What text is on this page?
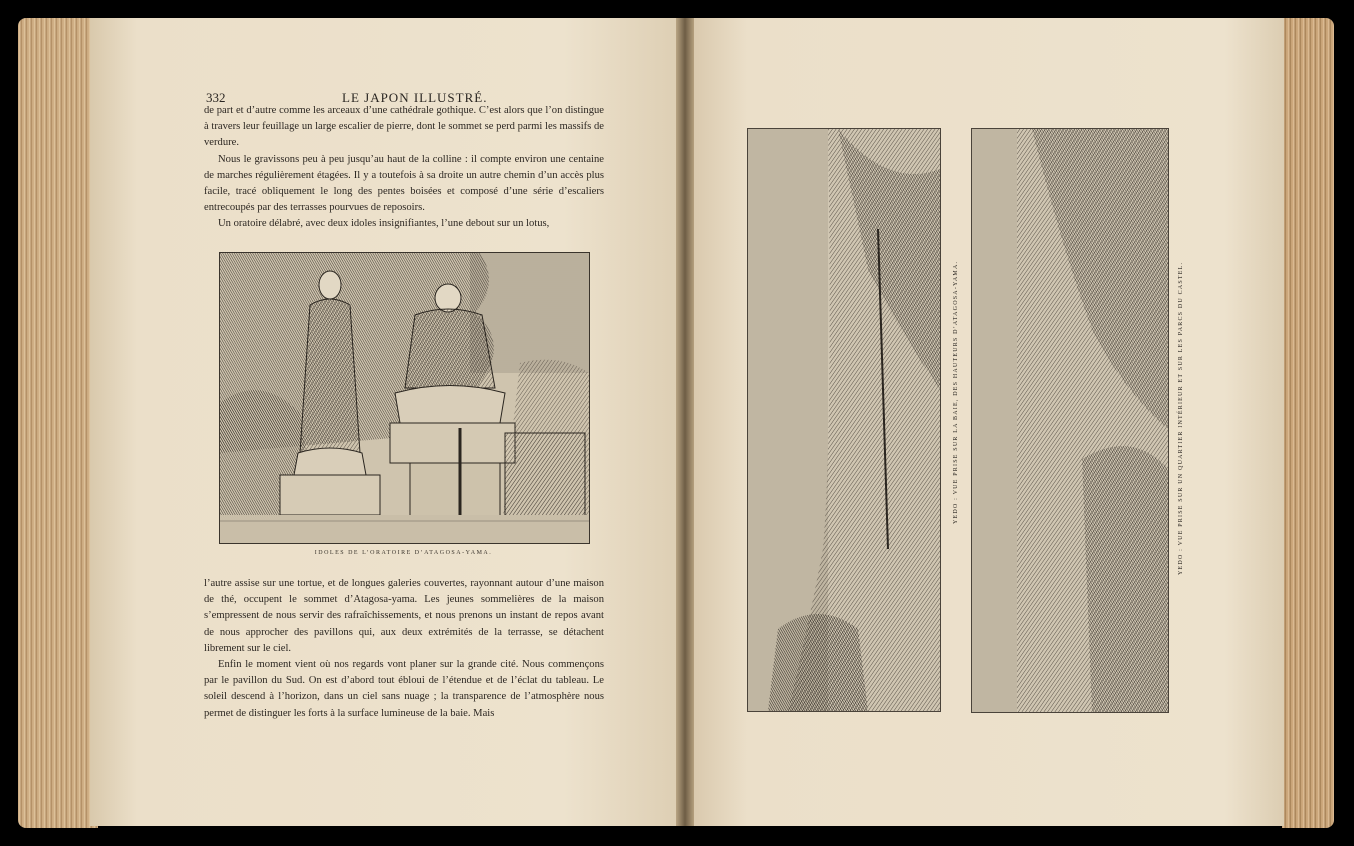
332	LE JAPON ILLUSTRÉ.

de part et d’autre comme les arceaux d’une cathédrale gothique. C’est alors que l’on distingue à travers leur feuillage un large escalier de pierre, dont le sommet se perd parmi les massifs de verdure.

Nous le gravissons peu à peu jusqu’au haut de la colline : il compte environ une centaine de marches régulièrement étagées. Il y a toutefois à sa droite un autre chemin d’un accès plus facile, tracé obliquement le long des pentes boisées et composé d’une série d’escaliers entrecoupés par des terrasses pourvues de reposoirs.

Un oratoire délabré, avec deux idoles insignifiantes, l’une debout sur un lotus,

IDOLES DE L’ORATOIRE D’ATAGOSA-YAMA.

l’autre assise sur une tortue, et de longues galeries couvertes, rayonnant autour d’une maison de thé, occupent le sommet d’Atagosa-yama. Les jeunes sommelières de la maison s’empressent de nous servir des rafraîchissements, et nous prenons un instant de repos avant de nous approcher des pavillons qui, aux deux extrémités de la terrasse, se détachent librement sur le ciel.

Enfin le moment vient où nos regards vont planer sur la grande cité. Nous commençons par le pavillon du Sud. On est d’abord tout ébloui de l’étendue et de l’éclat du tableau. Le soleil descend à l’horizon, dans un ciel sans nuage ; la transparence de l’atmosphère nous permet de distinguer les forts à la surface lumineuse de la baie. Mais

YEDO : VUE PRISE SUR LA BAIE, DES HAUTEURS D’ATAGOSA-YAMA.	YEDO : VUE PRISE SUR UN QUARTIER INTÉRIEUR ET SUR LES PARCS DU CASTEL.
